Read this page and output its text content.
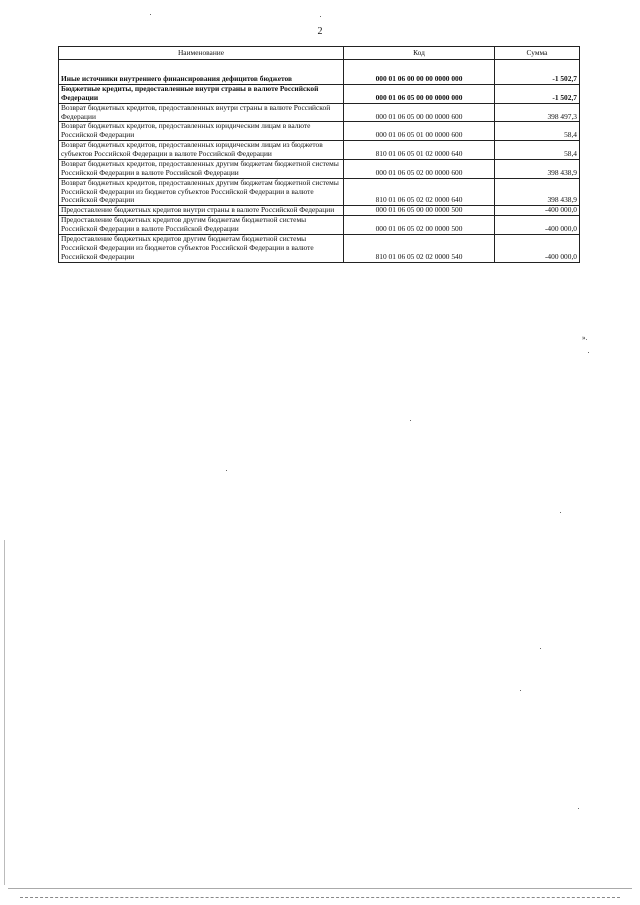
2
Наименование	Код	Сумма
Иные источники внутреннего финансирования дефицитов бюджетов	000 01 06 00 00 00 0000 000	-1 502,7
Бюджетные кредиты, предоставленные внутри страны в валюте Российской Федерации	000 01 06 05 00 00 0000 000	-1 502,7
Возврат бюджетных кредитов, предоставленных внутри страны в валюте Российской Федерации	000 01 06 05 00 00 0000 600	398 497,3
Возврат бюджетных кредитов, предоставленных юридическим лицам в валюте Российской Федерации	000 01 06 05 01 00 0000 600	58,4
Возврат бюджетных кредитов, предоставленных юридическим лицам из бюджетов субъектов Российской Федерации в валюте Российской Федерации	810 01 06 05 01 02 0000 640	58,4
Возврат бюджетных кредитов, предоставленных другим бюджетам бюджетной системы Российской Федерации в валюте Российской Федерации	000 01 06 05 02 00 0000 600	398 438,9
Возврат бюджетных кредитов, предоставленных другим бюджетам бюджетной системы Российской Федерации из бюджетов субъектов Российской Федерации в валюте Российской Федерации	810 01 06 05 02 02 0000 640	398 438,9
Предоставление бюджетных кредитов внутри страны в валюте Российской Федерации	000 01 06 05 00 00 0000 500	-400 000,0
Предоставление бюджетных кредитов другим бюджетам бюджетной системы Российской Федерации в валюте Российской Федерации	000 01 06 05 02 00 0000 500	-400 000,0
Предоставление бюджетных кредитов другим бюджетам бюджетной системы Российской Федерации из бюджетов субъектов Российской Федерации в валюте Российской Федерации	810 01 06 05 02 02 0000 540	-400 000,0
».
